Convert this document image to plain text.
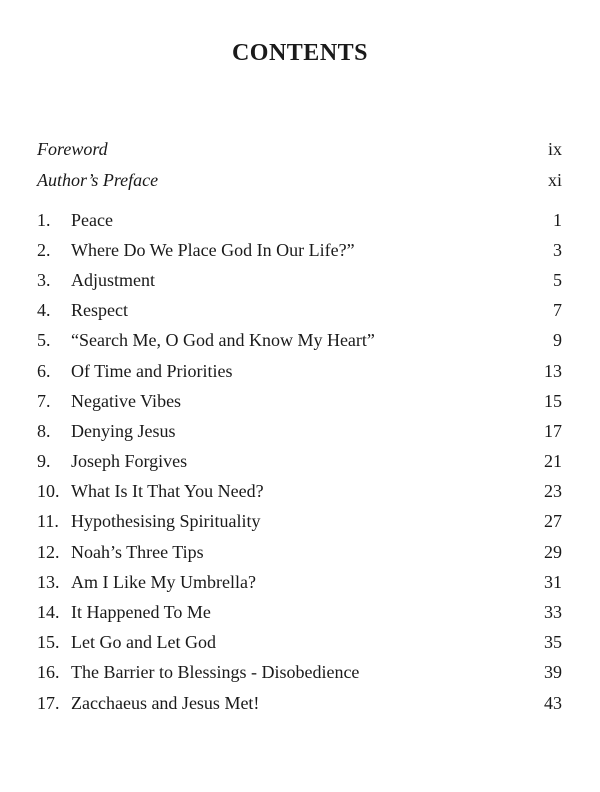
CONTENTS
Foreword	ix
Author’s Preface	xi
1.	Peace	1
2.	Where Do We Place God In Our Life?”	3
3.	Adjustment	5
4.	Respect	7
5.	“Search Me, O God and Know My Heart”	9
6.	Of Time and Priorities	13
7.	Negative Vibes	15
8.	Denying Jesus	17
9.	Joseph Forgives	21
10. What Is It That You Need?	23
11. Hypothesising Spirituality	27
12. Noah’s Three Tips	29
13. Am I Like My Umbrella?	31
14. It Happened To Me	33
15. Let Go and Let God	35
16. The Barrier to Blessings - Disobedience	39
17. Zacchaeus and Jesus Met!	43
